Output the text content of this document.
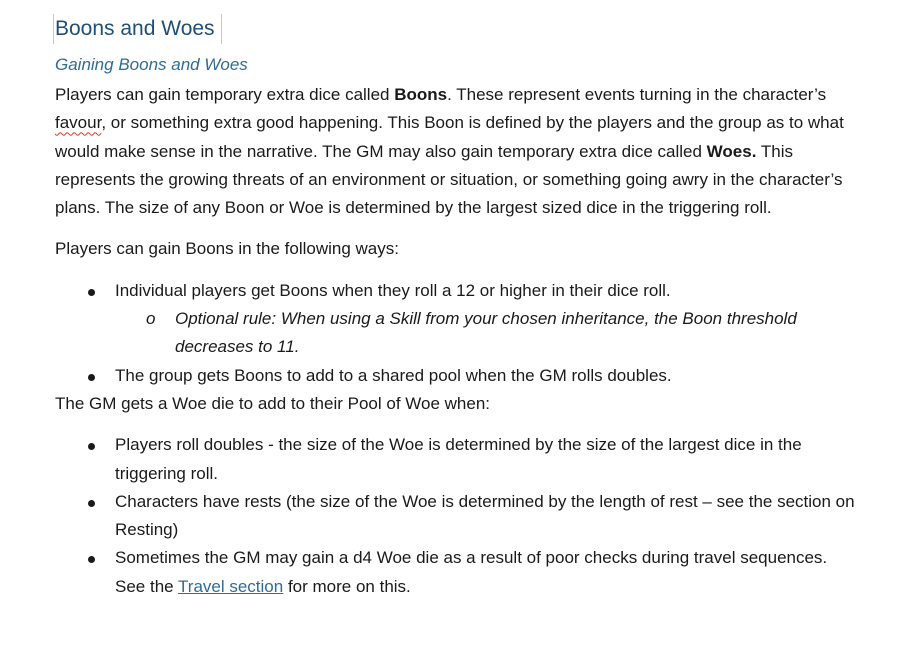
Boons and Woes
Gaining Boons and Woes

Players can gain temporary extra dice called Boons. These represent events turning in the character’s favour, or something extra good happening. This Boon is defined by the players and the group as to what would make sense in the narrative. The GM may also gain temporary extra dice called Woes. This represents the growing threats of an environment or situation, or something going awry in the character’s plans. The size of any Boon or Woe is determined by the largest sized dice in the triggering roll.

Players can gain Boons in the following ways:

Individual players get Boons when they roll a 12 or higher in their dice roll.
o Optional rule: When using a Skill from your chosen inheritance, the Boon threshold decreases to 11.
The group gets Boons to add to a shared pool when the GM rolls doubles.

The GM gets a Woe die to add to their Pool of Woe when:

Players roll doubles - the size of the Woe is determined by the size of the largest dice in the triggering roll.
Characters have rests (the size of the Woe is determined by the length of rest – see the section on Resting)
Sometimes the GM may gain a d4 Woe die as a result of poor checks during travel sequences. See the Travel section for more on this.
